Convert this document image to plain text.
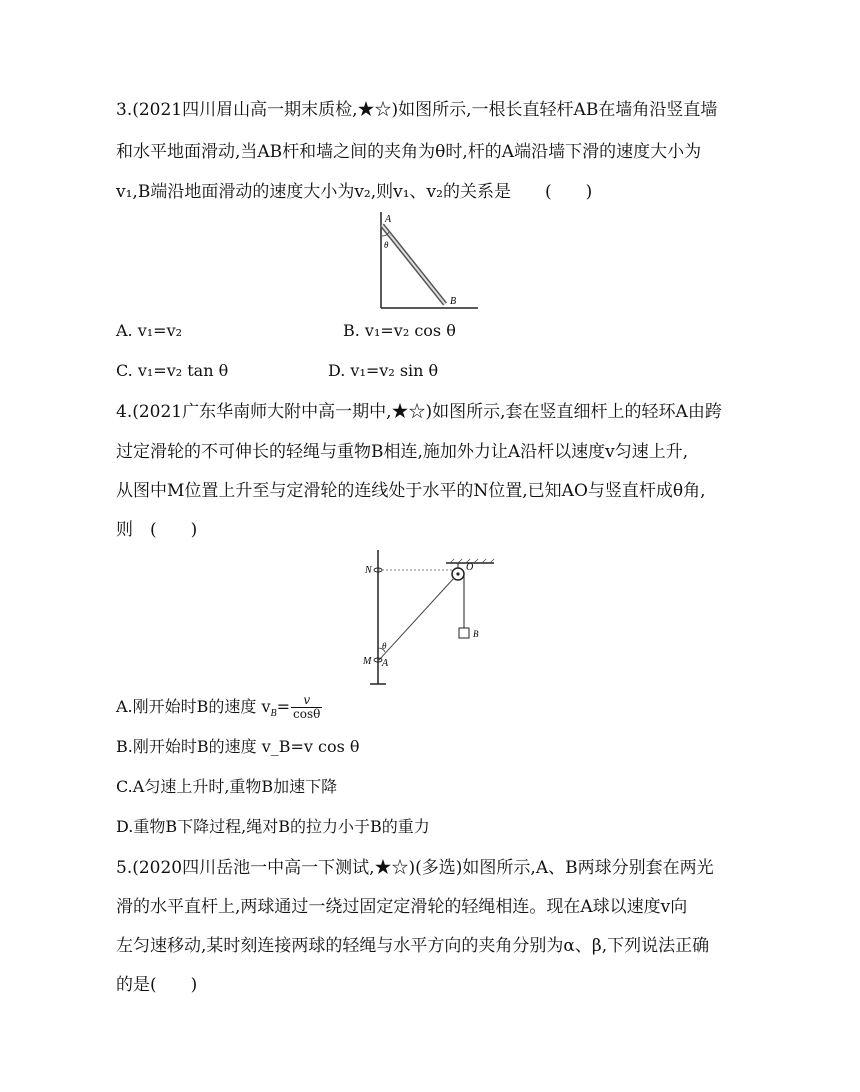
3.(2021四川眉山高一期末质检,★☆)如图所示,一根长直轻杆AB在墙角沿竖直墙
和水平地面滑动,当AB杆和墙之间的夹角为θ时,杆的A端沿墙下滑的速度大小为
v₁,B端沿地面滑动的速度大小为v₂,则v₁、v₂的关系是　　(　　)
A
θ
B
A. v₁=v₂	B. v₁=v₂ cos θ
C. v₁=v₂ tan θ	D. v₁=v₂ sin θ
4.(2021广东华南师大附中高一期中,★☆)如图所示,套在竖直细杆上的轻环A由跨
过定滑轮的不可伸长的轻绳与重物B相连,施加外力让A沿杆以速度v匀速上升,
从图中M位置上升至与定滑轮的连线处于水平的N位置,已知AO与竖直杆成θ角,
则　(　　)
N
M A
θ
O
B
A.刚开始时B的速度 $v_B= \frac{v}{\cos\theta}$
B.刚开始时B的速度 v_B=v cos θ
C.A匀速上升时,重物B加速下降
D.重物B下降过程,绳对B的拉力小于B的重力
5.(2020四川岳池一中高一下测试,★☆)(多选)如图所示,A、B两球分别套在两光
滑的水平直杆上,两球通过一绕过固定定滑轮的轻绳相连。现在A球以速度v向
左匀速移动,某时刻连接两球的轻绳与水平方向的夹角分别为α、β,下列说法正确
的是(　　)
